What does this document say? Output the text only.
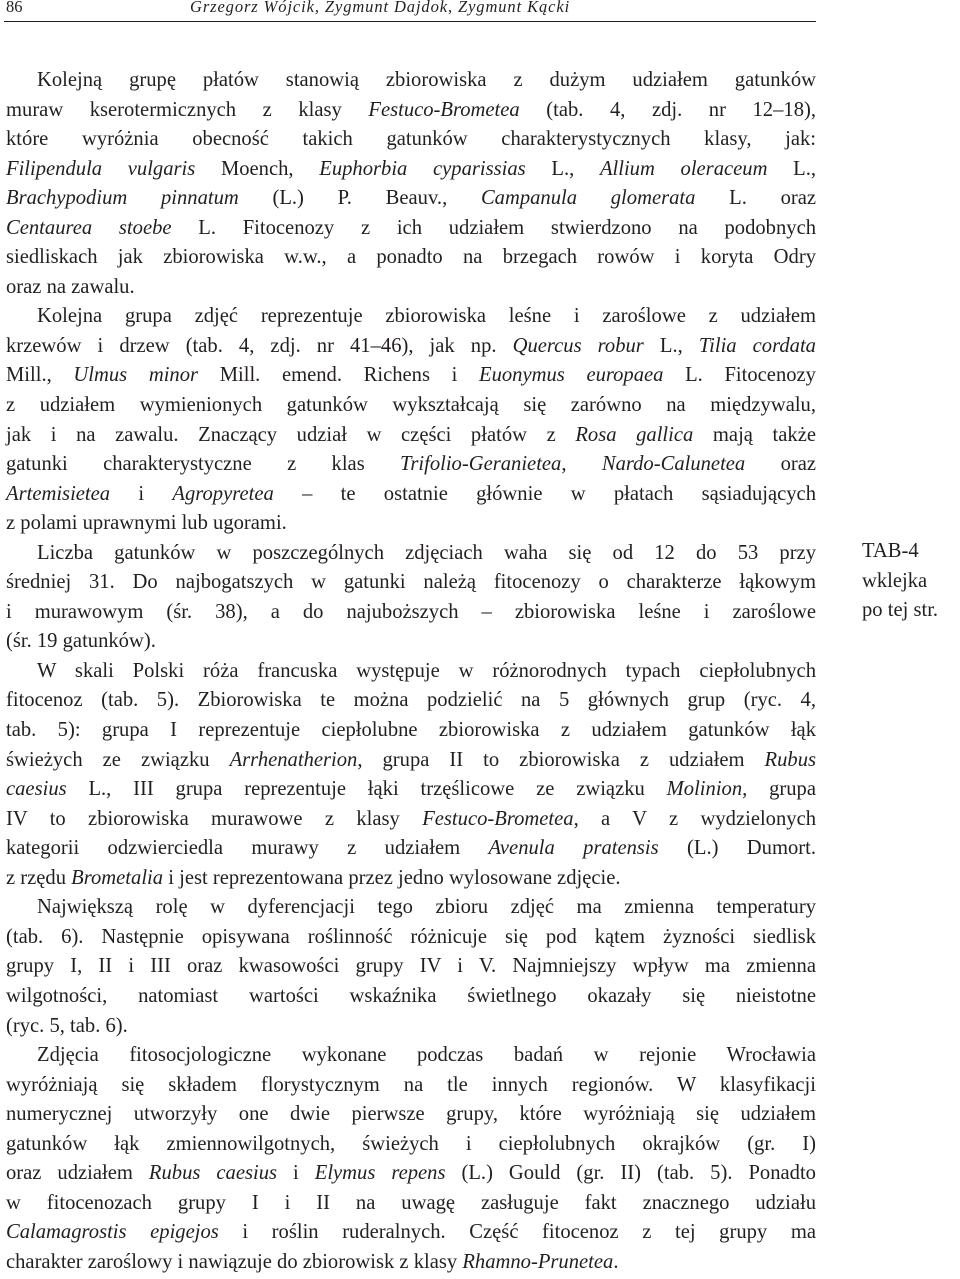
86	Grzegorz Wójcik, Zygmunt Dajdok, Zygmunt Kącki

Kolejną grupę płatów stanowią zbiorowiska z dużym udziałem gatunków
muraw kserotermicznych z klasy Festuco-Brometea (tab. 4, zdj. nr 12–18),
które wyróżnia obecność takich gatunków charakterystycznych klasy, jak:
Filipendula vulgaris Moench, Euphorbia cyparissias L., Allium oleraceum L.,
Brachypodium pinnatum (L.) P. Beauv., Campanula glomerata L. oraz
Centaurea stoebe L. Fitocenozy z ich udziałem stwierdzono na podobnych
siedliskach jak zbiorowiska w.w., a ponadto na brzegach rowów i koryta Odry
oraz na zawalu.

Kolejna grupa zdjęć reprezentuje zbiorowiska leśne i zaroślowe z udziałem
krzewów i drzew (tab. 4, zdj. nr 41–46), jak np. Quercus robur L., Tilia cordata
Mill., Ulmus minor Mill. emend. Richens i Euonymus europaea L. Fitocenozy
z udziałem wymienionych gatunków wykształcają się zarówno na międzywalu,
jak i na zawalu. Znaczący udział w części płatów z Rosa gallica mają także
gatunki charakterystyczne z klas Trifolio-Geranietea, Nardo-Calunetea oraz
Artemisietea i Agropyretea – te ostatnie głównie w płatach sąsiadujących
z polami uprawnymi lub ugorami.

Liczba gatunków w poszczególnych zdjęciach waha się od 12 do 53 przy
średniej 31. Do najbogatszych w gatunki należą fitocenozy o charakterze łąkowym
i murawowym (śr. 38), a do najuboższych – zbiorowiska leśne i zaroślowe
(śr. 19 gatunków).

W skali Polski róża francuska występuje w różnorodnych typach ciepłolubnych
fitocenoz (tab. 5). Zbiorowiska te można podzielić na 5 głównych grup (ryc. 4,
tab. 5): grupa I reprezentuje ciepłolubne zbiorowiska z udziałem gatunków łąk
świeżych ze związku Arrhenatherion, grupa II to zbiorowiska z udziałem Rubus
caesius L., III grupa reprezentuje łąki trzęślicowe ze związku Molinion, grupa
IV to zbiorowiska murawowe z klasy Festuco-Brometea, a V z wydzielonych
kategorii odzwierciedla murawy z udziałem Avenula pratensis (L.) Dumort.
z rzędu Brometalia i jest reprezentowana przez jedno wylosowane zdjęcie.

Największą rolę w dyferencjacji tego zbioru zdjęć ma zmienna temperatury
(tab. 6). Następnie opisywana roślinność różnicuje się pod kątem żyzności siedlisk
grupy I, II i III oraz kwasowości grupy IV i V. Najmniejszy wpływ ma zmienna
wilgotności, natomiast wartości wskaźnika świetlnego okazały się nieistotne
(ryc. 5, tab. 6).

Zdjęcia fitosocjologiczne wykonane podczas badań w rejonie Wrocławia
wyróżniają się składem florystycznym na tle innych regionów. W klasyfikacji
numerycznej utworzyły one dwie pierwsze grupy, które wyróżniają się udziałem
gatunków łąk zmiennowilgotnych, świeżych i ciepłolubnych okrajków (gr. I)
oraz udziałem Rubus caesius i Elymus repens (L.) Gould (gr. II) (tab. 5). Ponadto
w fitocenozach grupy I i II na uwagę zasługuje fakt znacznego udziału
Calamagrostis epigejos i roślin ruderalnych. Część fitocenoz z tej grupy ma
charakter zaroślowy i nawiązuje do zbiorowisk z klasy Rhamno-Prunetea.

TAB-4
wklejka
po tej str.
